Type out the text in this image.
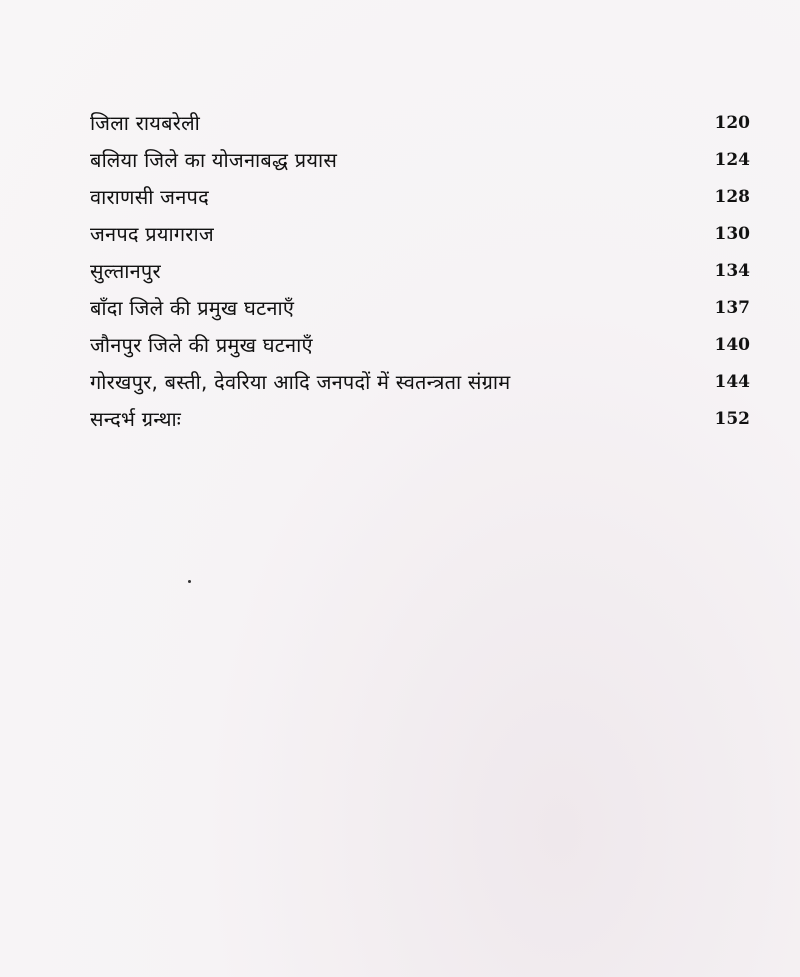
जिला रायबरेली	120
बलिया जिले का योजनाबद्ध प्रयास	124
वाराणसी जनपद	128
जनपद प्रयागराज	130
सुल्तानपुर	134
बाँदा जिले की प्रमुख घटनाएँ	137
जौनपुर जिले की प्रमुख घटनाएँ	140
गोरखपुर, बस्ती, देवरिया आदि जनपदों में स्वतन्त्रता संग्राम	144
सन्दर्भ ग्रन्थाः	152
